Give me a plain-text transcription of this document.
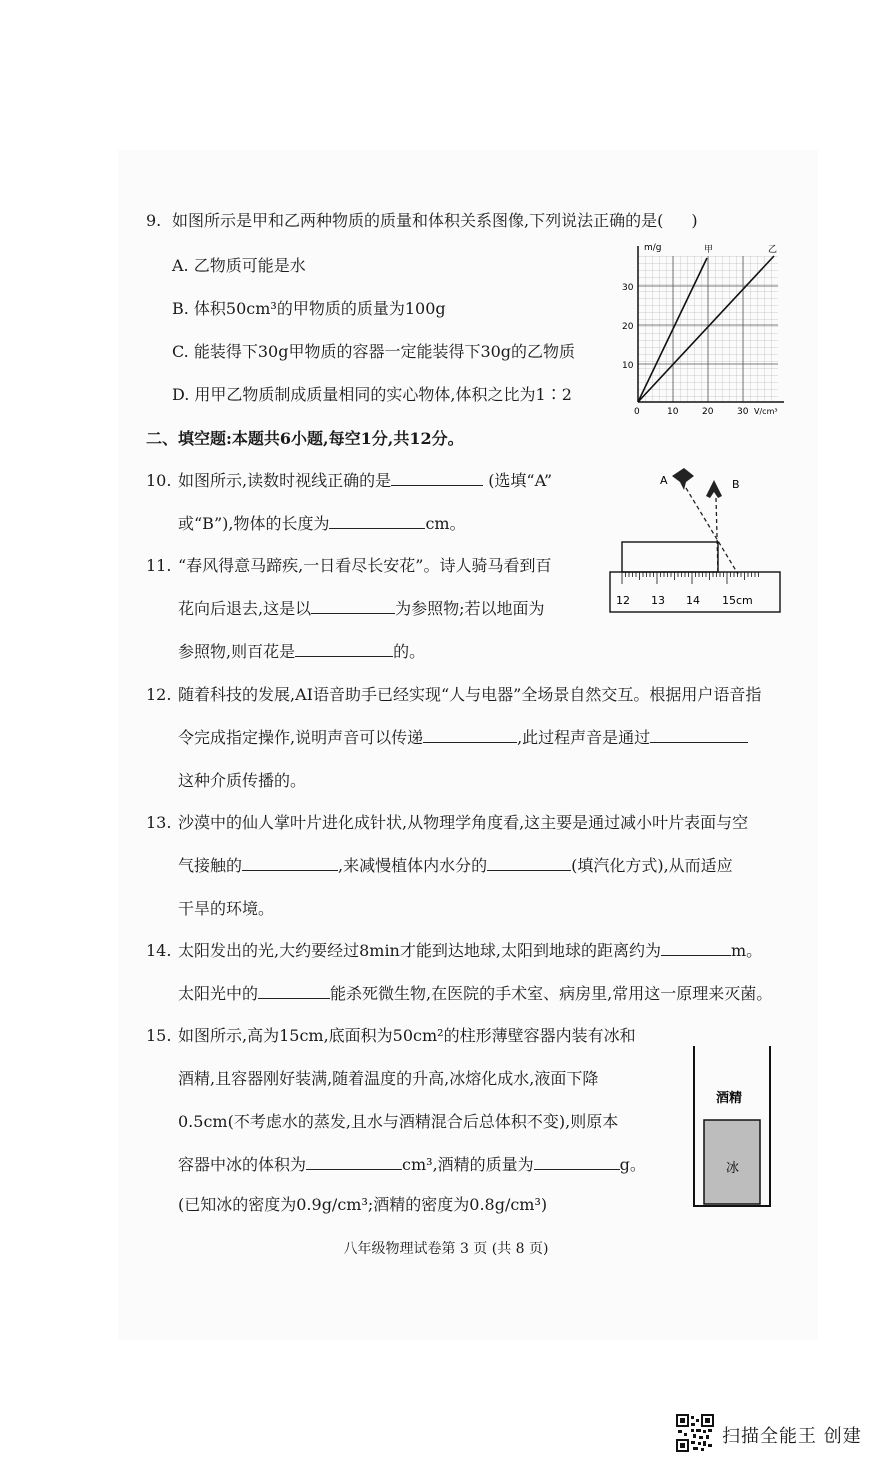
9. 如图所示是甲和乙两种物质的质量和体积关系图像,下列说法正确的是( )
A. 乙物质可能是水
B. 体积50cm³的甲物质的质量为100g
C. 能装得下30g甲物质的容器一定能装得下30g的乙物质
D. 用甲乙物质制成质量相同的实心物体,体积之比为1∶2
m/g	甲	乙
10
20
30
0	10	20	30 V/cm³
二、填空题:本题共6小题,每空1分,共12分。
10. 如图所示,读数时视线正确的是	(选填“A”
或“B”),物体的长度为	cm。
A	B
12 13 14 15cm
11. “春风得意马蹄疾,一日看尽长安花”。诗人骑马看到百
花向后退去,这是以	为参照物;若以地面为
参照物,则百花是	的。
12. 随着科技的发展,AI语音助手已经实现“人与电器”全场景自然交互。根据用户语音指
令完成指定操作,说明声音可以传递	,此过程声音是通过
这种介质传播的。
13. 沙漠中的仙人掌叶片进化成针状,从物理学角度看,这主要是通过减小叶片表面与空
气接触的	,来减慢植体内水分的	(填汽化方式),从而适应
干旱的环境。
14. 太阳发出的光,大约要经过8min才能到达地球,太阳到地球的距离约为	m。
太阳光中的	能杀死微生物,在医院的手术室、病房里,常用这一原理来灭菌。
15. 如图所示,高为15cm,底面积为50cm²的柱形薄壁容器内装有冰和
酒精,且容器刚好装满,随着温度的升高,冰熔化成水,液面下降
0.5cm(不考虑水的蒸发,且水与酒精混合后总体积不变),则原本
容器中冰的体积为	cm³,酒精的质量为	g。
(已知冰的密度为0.9g/cm³;酒精的密度为0.8g/cm³)
酒精
冰
八年级物理试卷第 3 页 (共 8 页)
扫描全能王 创建
